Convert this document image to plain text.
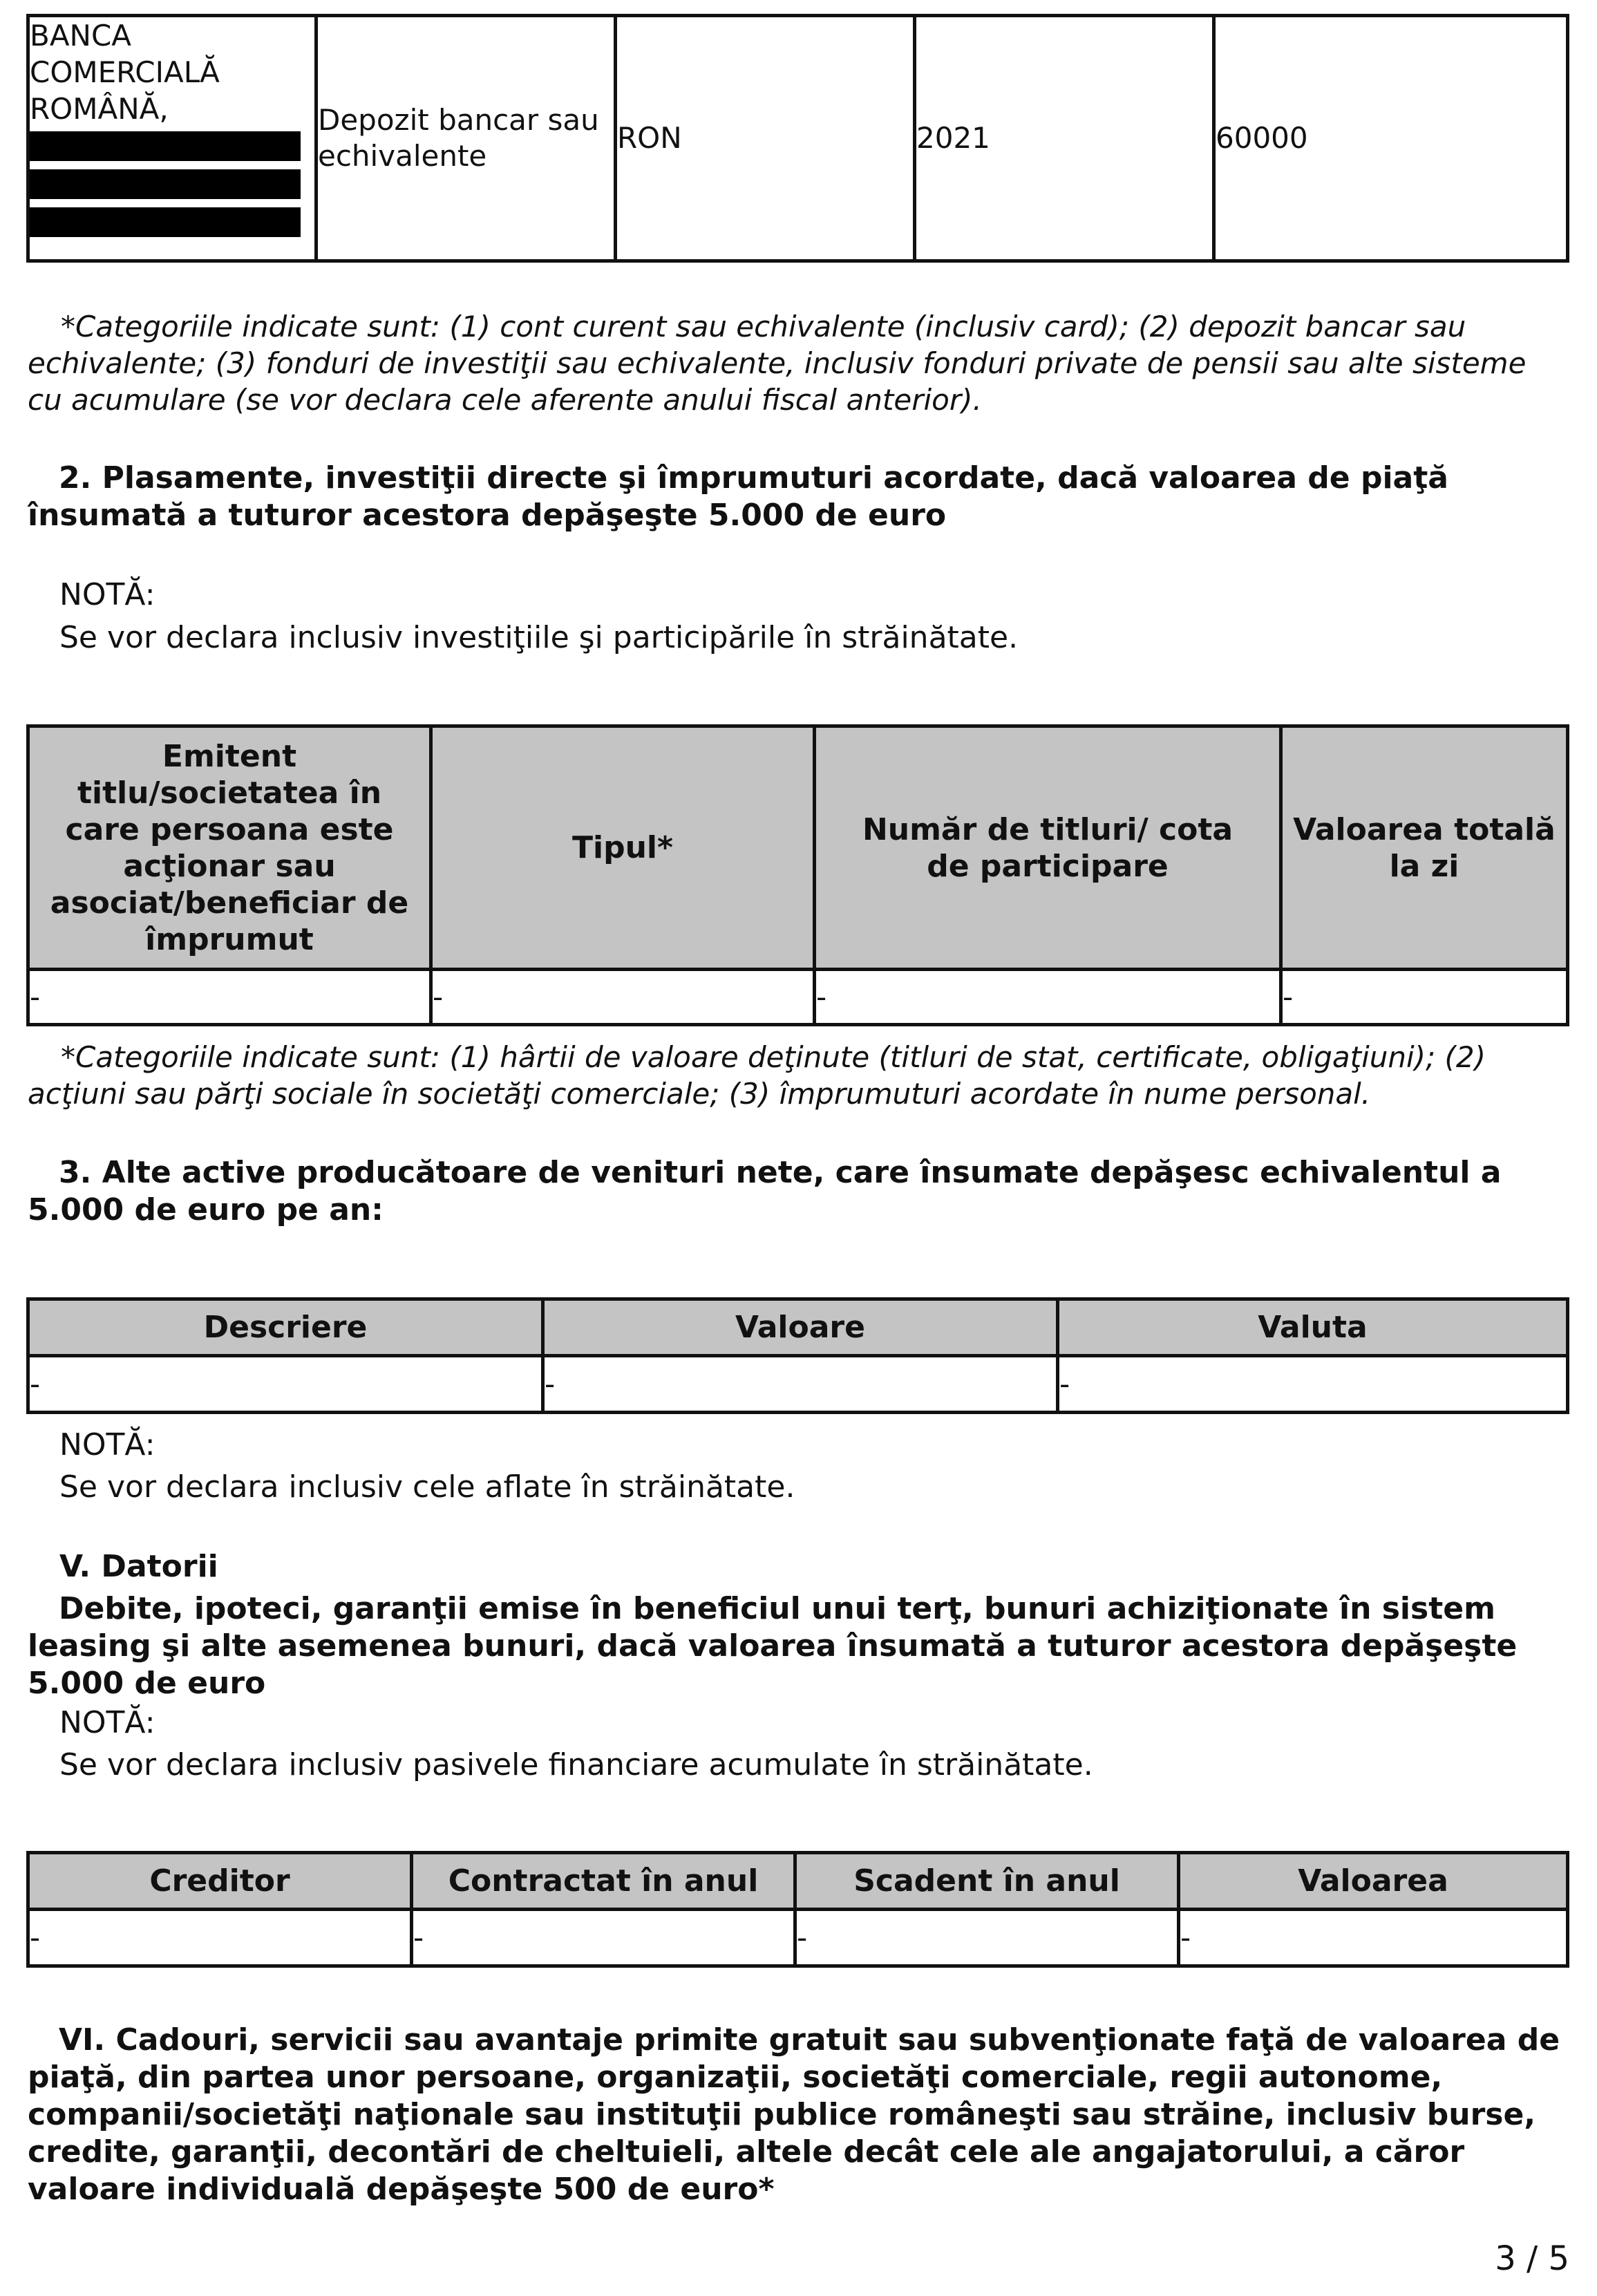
BANCA COMERCIALĂ ROMÂNĂ,	Depozit bancar sau echivalente	RON	2021	60000
*Categoriile indicate sunt: (1) cont curent sau echivalente (inclusiv card); (2) depozit bancar sau echivalente; (3) fonduri de investiţii sau echivalente, inclusiv fonduri private de pensii sau alte sisteme cu acumulare (se vor declara cele aferente anului fiscal anterior).
2. Plasamente, investiţii directe şi împrumuturi acordate, dacă valoarea de piaţă însumată a tuturor acestora depăşeşte 5.000 de euro
NOTĂ:
Se vor declara inclusiv investiţiile şi participările în străinătate.
Emitent titlu/societatea în care persoana este acţionar sau asociat/beneficiar de împrumut	Tipul*	Număr de titluri/ cota de participare	Valoarea totală la zi
-	-	-	-
*Categoriile indicate sunt: (1) hârtii de valoare deţinute (titluri de stat, certificate, obligaţiuni); (2) acţiuni sau părţi sociale în societăţi comerciale; (3) împrumuturi acordate în nume personal.
3. Alte active producătoare de venituri nete, care însumate depăşesc echivalentul a 5.000 de euro pe an:
Descriere	Valoare	Valuta
-	-	-
NOTĂ:
Se vor declara inclusiv cele aflate în străinătate.
V. Datorii
Debite, ipoteci, garanţii emise în beneficiul unui terţ, bunuri achiziţionate în sistem leasing şi alte asemenea bunuri, dacă valoarea însumată a tuturor acestora depăşeşte 5.000 de euro
NOTĂ:
Se vor declara inclusiv pasivele financiare acumulate în străinătate.
Creditor	Contractat în anul	Scadent în anul	Valoarea
-	-	-	-
VI. Cadouri, servicii sau avantaje primite gratuit sau subvenţionate faţă de valoarea de piaţă, din partea unor persoane, organizaţii, societăţi comerciale, regii autonome, companii/societăţi naţionale sau instituţii publice româneşti sau străine, inclusiv burse, credite, garanţii, decontări de cheltuieli, altele decât cele ale angajatorului, a căror valoare individuală depăşeşte 500 de euro*
3 / 5
